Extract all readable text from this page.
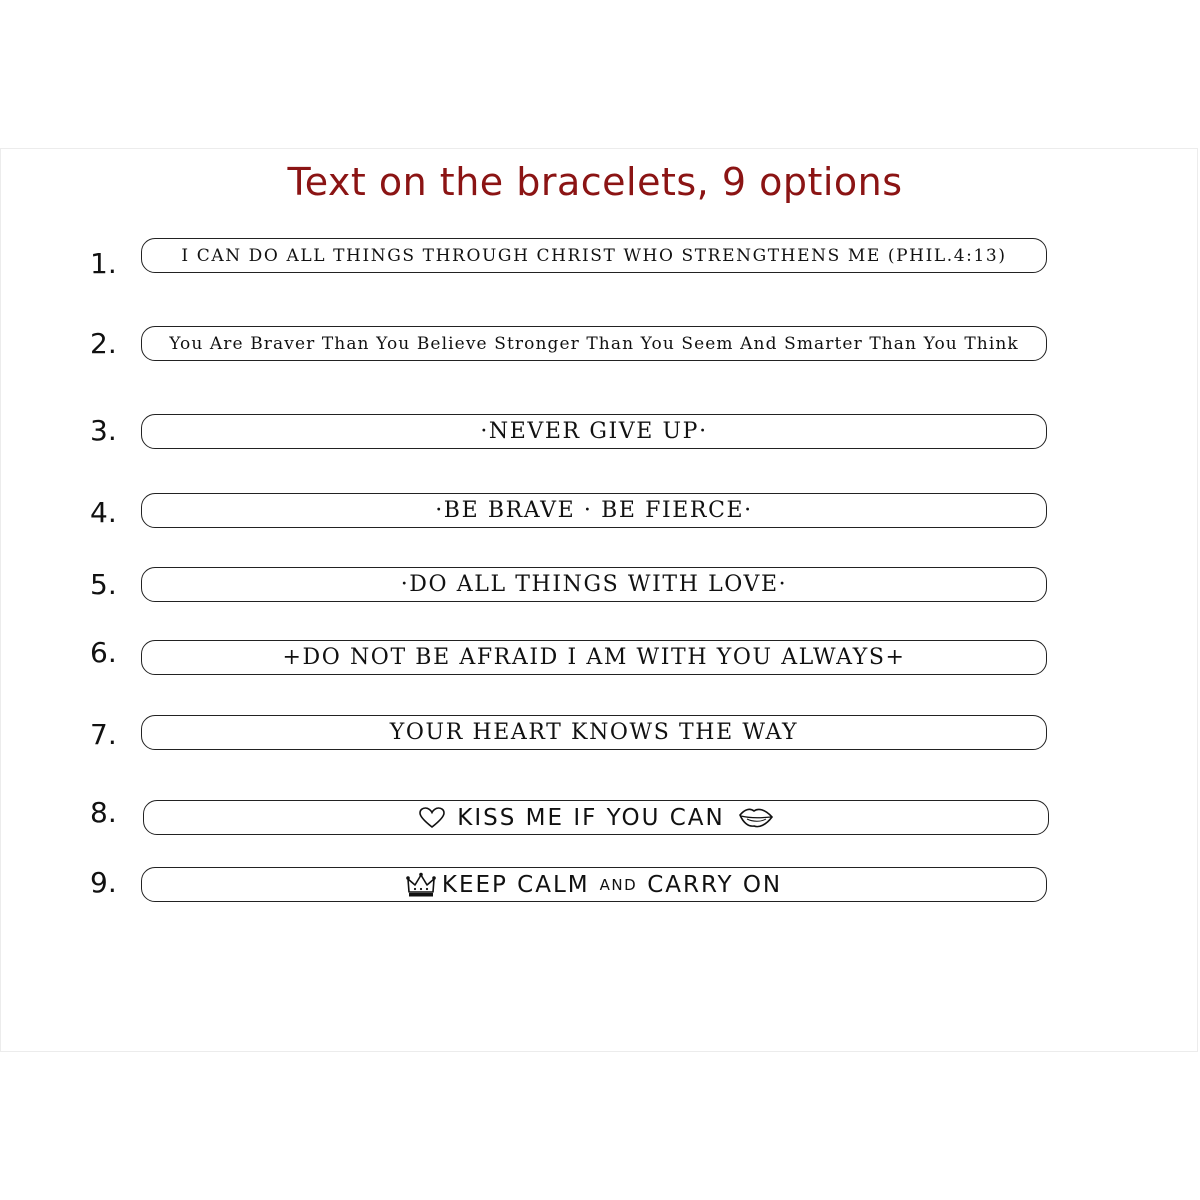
Text on the bracelets, 9 options
1.	I CAN DO ALL THINGS THROUGH CHRIST WHO STRENGTHENS ME (PHIL.4:13)
2.	You Are Braver Than You Believe Stronger Than You Seem And Smarter Than You Think
3.	·NEVER GIVE UP·
4.	·BE BRAVE · BE FIERCE·
5.	·DO ALL THINGS WITH LOVE·
6.	+DO NOT BE AFRAID I AM WITH YOU ALWAYS+
7.	YOUR HEART KNOWS THE WAY
8.	KISS ME IF YOU CAN
9.	KEEP CALM AND CARRY ON
